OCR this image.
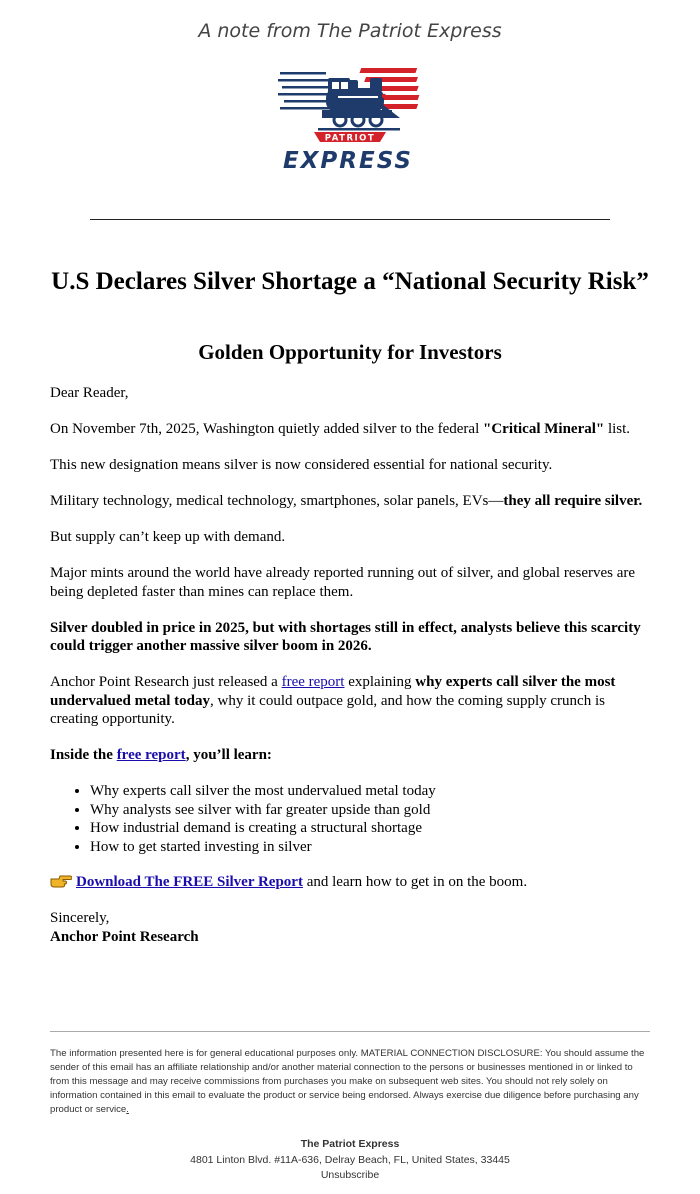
A note from The Patriot Express
PATRIOT
EXPRESS
U.S Declares Silver Shortage a “National Security Risk”
Golden Opportunity for Investors

Dear Reader,

On November 7th, 2025, Washington quietly added silver to the federal "Critical Mineral" list.

This new designation means silver is now considered essential for national security.

Military technology, medical technology, smartphones, solar panels, EVs—they all require silver.

But supply can’t keep up with demand.

Major mints around the world have already reported running out of silver, and global reserves are being depleted faster than mines can replace them.

Silver doubled in price in 2025, but with shortages still in effect, analysts believe this scarcity could trigger another massive silver boom in 2026.

Anchor Point Research just released a free report explaining why experts call silver the most undervalued metal today, why it could outpace gold, and how the coming supply crunch is creating opportunity.

Inside the free report, you’ll learn:

• Why experts call silver the most undervalued metal today
• Why analysts see silver with far greater upside than gold
• How industrial demand is creating a structural shortage
• How to get started investing in silver

Download The FREE Silver Report and learn how to get in on the boom.

Sincerely,
Anchor Point Research

The information presented here is for general educational purposes only. MATERIAL CONNECTION DISCLOSURE: You should assume the sender of this email has an affiliate relationship and/or another material connection to the persons or businesses mentioned in or linked to from this message and may receive commissions from purchases you make on subsequent web sites. You should not rely solely on information contained in this email to evaluate the product or service being endorsed. Always exercise due diligence before purchasing any product or service.

The Patriot Express
4801 Linton Blvd. #11A-636, Delray Beach, FL, United States, 33445
Unsubscribe
